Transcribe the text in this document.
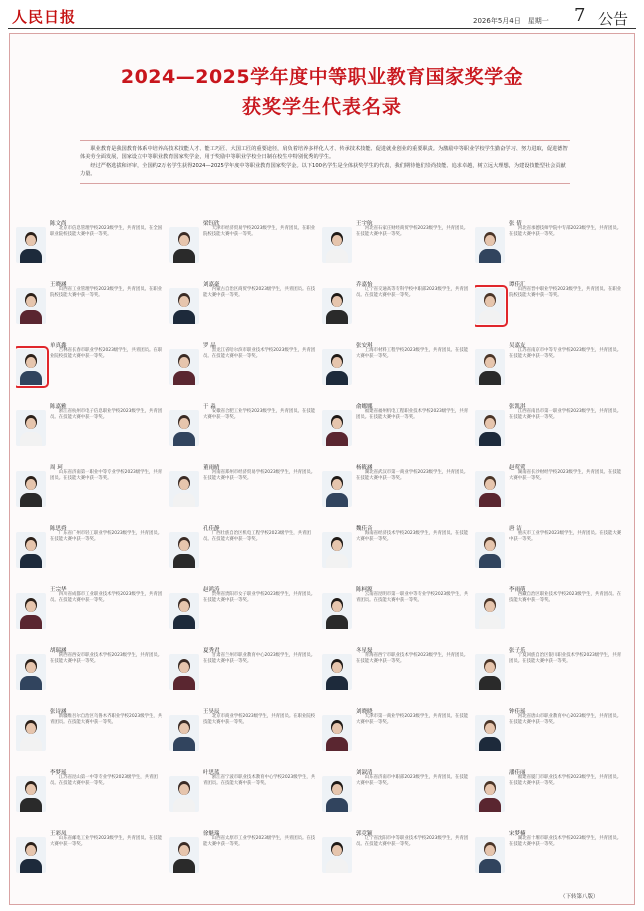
人民日报	2026年5月4日　星期一 7 公告
2024—2025学年度中等职业教育国家奖学金
获奖学生代表名录

职业教育是我国教育体系中培养高技术技能人才、能工巧匠、大国工匠的重要途径，肩负着培养多样化人才、传承技术技能、促进就业创业的重要职责。为激励中等职业学校学生勤奋学习、努力进取，促进德智体美劳全面发展，国家设立中等职业教育国家奖学金，用于奖励中等职业学校全日制在校生中特别优秀的学生。

经过严格选拔和评审，全国约2万名学生获得2024—2025学年度中等职业教育国家奖学金。以下100名学生是全体获奖学生的代表，我们期待他们崇尚技能、追求卓越，树立远大理想，为建设技能型社会贡献力量。

陈文尚
北京市信息管理学校2023级学生，共青团员。在全国职业院校技能大赛中获一等奖。
梁钰欣
天津市经济贸易学校2023级学生，共青团员。在职业院校技能大赛中获一等奖。
王宇航
河北省石家庄财经商贸学校2023级学生，共青团员。在技能大赛中获一等奖。
张 倩
河北省承德技师学院中专部2023级学生，共青团员。在技能大赛中获一等奖。
王晓涵
山西省工业管理学校2023级学生，共青团员。在职业院校技能大赛中获一等奖。
刘嘉豪
内蒙古自治区商贸学校2023级学生，共青团员。在技能大赛中获一等奖。
乔嘉怡
辽宁省交通高等专科学校中职部2023级学生，共青团员。在技能大赛中获一等奖。
谭佳汇
山西省晋中职业学校2023级学生，共青团员。在职业院校技能大赛中获一等奖。
单真鑫
吉林省长春市职业学校2023级学生，共青团员。在职业院校技能大赛中获一等奖。
罗 晶
黑龙江省哈尔滨市职业技术学校2023级学生，共青团员。在技能大赛中获一等奖。
张安琪
上海市材料工程学校2023级学生，共青团员。在技能大赛中获一等奖。
吴嘉友
江苏省南京市中等专业学校2023级学生，共青团员。在技能大赛中获一等奖。
陈嘉雅
浙江省杭州市电子信息职业学校2023级学生，共青团员。在技能大赛中获一等奖。
于 淼
安徽省合肥工业学校2023级学生，共青团员。在技能大赛中获一等奖。
俞娜娜
福建省福州机电工程职业技术学校2023级学生，共青团员。在技能大赛中获一等奖。
张凯淇
江西省南昌市第一职业学校2023级学生，共青团员。在技能大赛中获一等奖。
周 珂
山东省济南第一职业中等专业学校2023级学生，共青团员。在技能大赛中获一等奖。
董雨晴
河南省郑州市经济贸易学校2023级学生，共青团员。在技能大赛中获一等奖。
杨筱涵
湖北省武汉市第一商业学校2023级学生，共青团员。在技能大赛中获一等奖。
赵莺莺
湖南省长沙财经学校2023级学生，共青团员。在技能大赛中获一等奖。
陈思舜
广东省广州市轻工职业学校2023级学生，共青团员。在技能大赛中获一等奖。
孔佳静
广西壮族自治区机电工程学校2023级学生，共青团员。在技能大赛中获一等奖。
魏佳音
海南省经济技术学校2023级学生，共青团员。在技能大赛中获一等奖。
唐 洁
重庆市工业学校2023级学生，共青团员。在技能大赛中获一等奖。
王宗华
四川省成都市工业职业技术学校2023级学生，共青团员。在技能大赛中获一等奖。
赵鸿涛
贵州省贵阳市女子职业学校2023级学生，共青团员。在技能大赛中获一等奖。
陈柯源
云南省昆明市第一职业中等专业学校2023级学生，共青团员。在技能大赛中获一等奖。
李雨萌
西藏自治区职业技术学校2023级学生，共青团员。在技能大赛中获一等奖。
胡瑞涵
陕西省西安市职业技术学校2023级学生，共青团员。在技能大赛中获一等奖。
夏秀君
甘肃省兰州市职业教育中心2023级学生，共青团员。在技能大赛中获一等奖。
冬星磊
青海省西宁市职业技术学校2023级学生，共青团员。在技能大赛中获一等奖。
张子乐
宁夏回族自治区银川职业技术学校2023级学生，共青团员。在技能大赛中获一等奖。
张诗涵
新疆维吾尔自治区乌鲁木齐职业学校2023级学生，共青团员。在技能大赛中获一等奖。
王昊辰
北京市商业学校2023级学生，共青团员。在职业院校技能大赛中获一等奖。
刘晓晓
天津市第一商业学校2023级学生，共青团员。在技能大赛中获一等奖。
钟佳瑶
河北省唐山市职业教育中心2023级学生，共青团员。在技能大赛中获一等奖。
李梦瑶
江苏省昆山第一中等专业学校2023级学生，共青团员。在技能大赛中获一等奖。
叶思蓝
浙江省宁波市职业技术教育中心学校2023级学生，共青团员。在技能大赛中获一等奖。
刘淑清
山东省济南市中职部2023级学生，共青团员。在技能大赛中获一等奖。
潘佳丽
福建省厦门市职业技术学校2023级学生，共青团员。在技能大赛中获一等奖。
王彩凤
山东省邮电工业学校2023级学生，共青团员。在技能大赛中获一等奖。
徐魁瑞
山西省太原市工业学校2023级学生，共青团员。在技能大赛中获一等奖。
郭竞颖
辽宁省沈阳市中等职业技术学校2023级学生，共青团员。在技能大赛中获一等奖。
宋梦楠
湖北省十堰市职业技术学校2023级学生，共青团员。在技能大赛中获一等奖。
（下转第八版）
